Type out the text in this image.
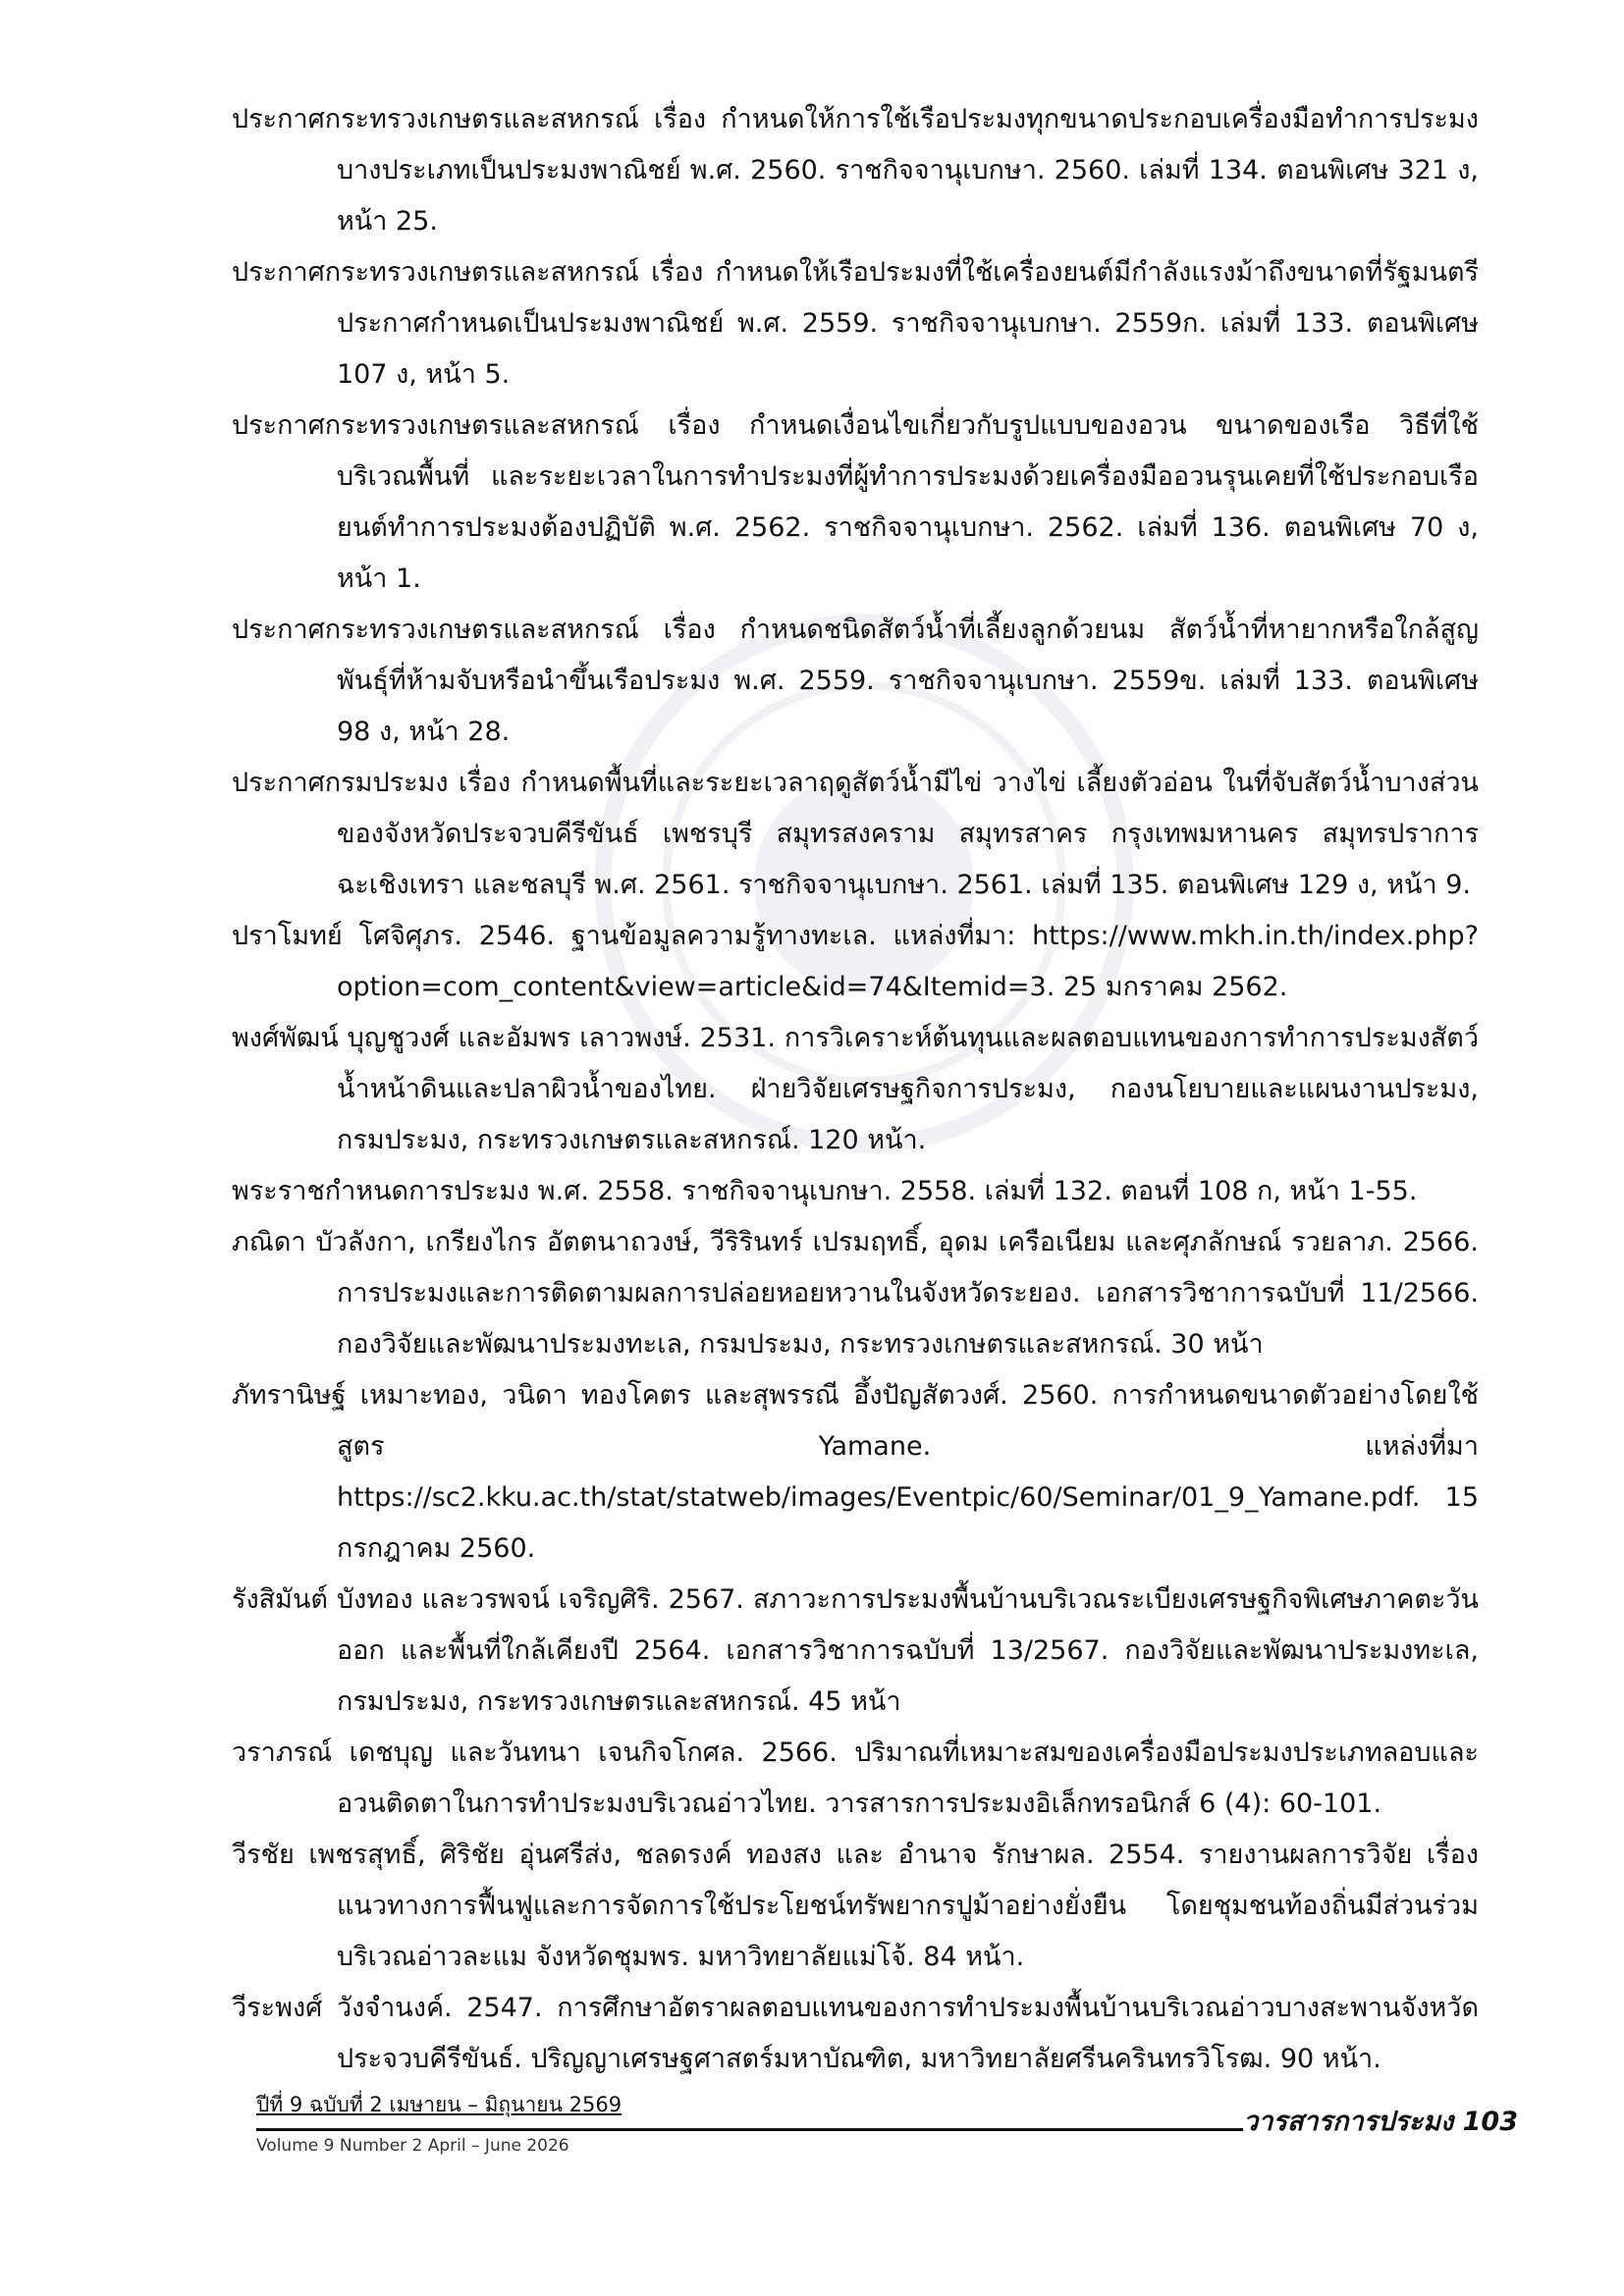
ประกาศกระทรวงเกษตรและสหกรณ์ เรื่อง กำหนดให้การใช้เรือประมงทุกขนาดประกอบเครื่องมือทำการประมงบางประเภทเป็นประมงพาณิชย์ พ.ศ. 2560. ราชกิจจานุเบกษา. 2560. เล่มที่ 134. ตอนพิเศษ 321 ง, หน้า 25.

ประกาศกระทรวงเกษตรและสหกรณ์ เรื่อง กำหนดให้เรือประมงที่ใช้เครื่องยนต์มีกำลังแรงม้าถึงขนาดที่รัฐมนตรีประกาศกำหนดเป็นประมงพาณิชย์ พ.ศ. 2559. ราชกิจจานุเบกษา. 2559ก. เล่มที่ 133. ตอนพิเศษ 107 ง, หน้า 5.

ประกาศกระทรวงเกษตรและสหกรณ์ เรื่อง กำหนดเงื่อนไขเกี่ยวกับรูปแบบของอวน ขนาดของเรือ วิธีที่ใช้ บริเวณพื้นที่ และระยะเวลาในการทำประมงที่ผู้ทำการประมงด้วยเครื่องมืออวนรุนเคยที่ใช้ประกอบเรือยนต์ทำการประมงต้องปฏิบัติ พ.ศ. 2562. ราชกิจจานุเบกษา. 2562. เล่มที่ 136. ตอนพิเศษ 70 ง, หน้า 1.

ประกาศกระทรวงเกษตรและสหกรณ์ เรื่อง กำหนดชนิดสัตว์น้ำที่เลี้ยงลูกด้วยนม สัตว์น้ำที่หายากหรือใกล้สูญพันธุ์ที่ห้ามจับหรือนำขึ้นเรือประมง พ.ศ. 2559. ราชกิจจานุเบกษา. 2559ข. เล่มที่ 133. ตอนพิเศษ 98 ง, หน้า 28.

ประกาศกรมประมง เรื่อง กำหนดพื้นที่และระยะเวลาฤดูสัตว์น้ำมีไข่ วางไข่ เลี้ยงตัวอ่อน ในที่จับสัตว์น้ำบางส่วนของจังหวัดประจวบคีรีขันธ์ เพชรบุรี สมุทรสงคราม สมุทรสาคร กรุงเทพมหานคร สมุทรปราการ ฉะเชิงเทรา และชลบุรี พ.ศ. 2561. ราชกิจจานุเบกษา. 2561. เล่มที่ 135. ตอนพิเศษ 129 ง, หน้า 9.

ปราโมทย์ โศจิศุภร. 2546. ฐานข้อมูลความรู้ทางทะเล. แหล่งที่มา: https://www.mkh.in.th/index.php?option=com_content&view=article&id=74&Itemid=3. 25 มกราคม 2562.

พงศ์พัฒน์ บุญชูวงศ์ และอัมพร เลาวพงษ์. 2531. การวิเคราะห์ต้นทุนและผลตอบแทนของการทำการประมงสัตว์น้ำหน้าดินและปลาผิวน้ำของไทย. ฝ่ายวิจัยเศรษฐกิจการประมง, กองนโยบายและแผนงานประมง, กรมประมง, กระทรวงเกษตรและสหกรณ์. 120 หน้า.

พระราชกำหนดการประมง พ.ศ. 2558. ราชกิจจานุเบกษา. 2558. เล่มที่ 132. ตอนที่ 108 ก, หน้า 1-55.

ภณิดา บัวลังกา, เกรียงไกร อัตตนาถวงษ์, วีริรินทร์ เปรมฤทธิ์, อุดม เครือเนียม และศุภลักษณ์ รวยลาภ. 2566. การประมงและการติดตามผลการปล่อยหอยหวานในจังหวัดระยอง. เอกสารวิชาการฉบับที่ 11/2566. กองวิจัยและพัฒนาประมงทะเล, กรมประมง, กระทรวงเกษตรและสหกรณ์. 30 หน้า

ภัทรานิษฐ์ เหมาะทอง, วนิดา ทองโคตร และสุพรรณี อึ้งปัญสัตวงศ์. 2560. การกำหนดขนาดตัวอย่างโดยใช้สูตร Yamane. แหล่งที่มา https://sc2.kku.ac.th/stat/statweb/images/Eventpic/60/Seminar/01_9_Yamane.pdf. 15 กรกฎาคม 2560.

รังสิมันต์ บังทอง และวรพจน์ เจริญศิริ. 2567. สภาวะการประมงพื้นบ้านบริเวณระเบียงเศรษฐกิจพิเศษภาคตะวันออก และพื้นที่ใกล้เคียงปี 2564. เอกสารวิชาการฉบับที่ 13/2567. กองวิจัยและพัฒนาประมงทะเล, กรมประมง, กระทรวงเกษตรและสหกรณ์. 45 หน้า

วราภรณ์ เดชบุญ และวันทนา เจนกิจโกศล. 2566. ปริมาณที่เหมาะสมของเครื่องมือประมงประเภทลอบและอวนติดตาในการทำประมงบริเวณอ่าวไทย. วารสารการประมงอิเล็กทรอนิกส์ 6 (4): 60-101.

วีรชัย เพชรสุทธิ์, ศิริชัย อุ่นศรีส่ง, ชลดรงค์ ทองสง และ อำนาจ รักษาผล. 2554. รายงานผลการวิจัย เรื่อง แนวทางการฟื้นฟูและการจัดการใช้ประโยชน์ทรัพยากรปูม้าอย่างยั่งยืน โดยชุมชนท้องถิ่นมีส่วนร่วมบริเวณอ่าวละแม จังหวัดชุมพร. มหาวิทยาลัยแม่โจ้. 84 หน้า.

วีระพงศ์ วังจำนงค์. 2547. การศึกษาอัตราผลตอบแทนของการทำประมงพื้นบ้านบริเวณอ่าวบางสะพานจังหวัดประจวบคีรีขันธ์. ปริญญาเศรษฐศาสตร์มหาบัณฑิต, มหาวิทยาลัยศรีนครินทรวิโรฒ. 90 หน้า.

ปีที่ 9 ฉบับที่ 2 เมษายน – มิถุนายน 2569
Volume 9 Number 2 April – June 2026
วารสารการประมง 103
